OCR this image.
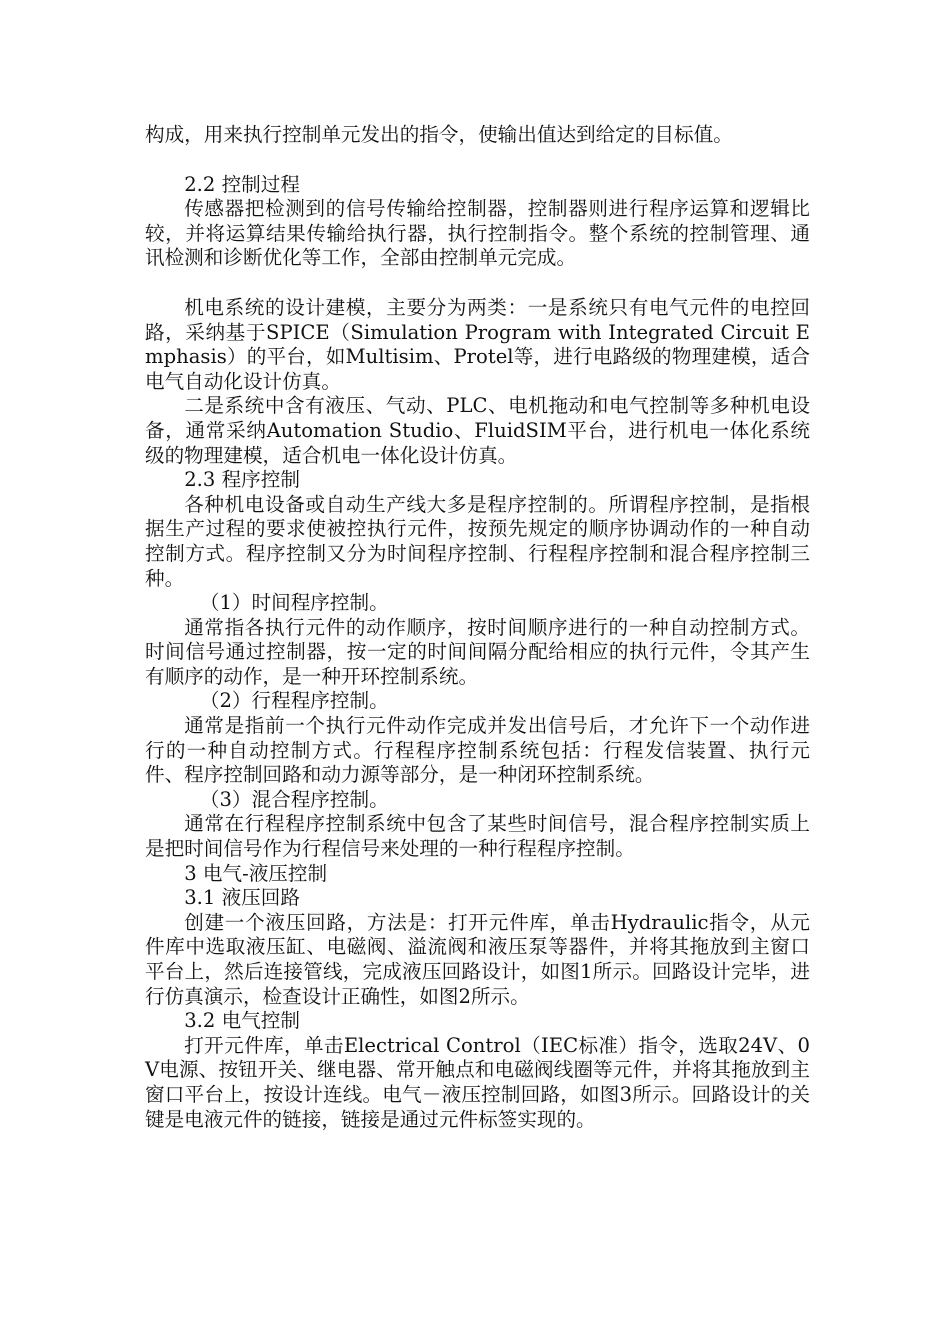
构成，用来执行控制单元发出的指令，使输出值达到给定的目标值。

2.2 控制过程

传感器把检测到的信号传输给控制器，控制器则进行程序运算和逻辑比较，并将运算结果传输给执行器，执行控制指令。整个系统的控制管理、通讯检测和诊断优化等工作，全部由控制单元完成。

机电系统的设计建模，主要分为两类：一是系统只有电气元件的电控回路，采纳基于SPICE（Simulation Program with Integrated Circuit Emphasis）的平台，如Multisim、Protel等，进行电路级的物理建模，适合电气自动化设计仿真。

二是系统中含有液压、气动、PLC、电机拖动和电气控制等多种机电设备，通常采纳Automation Studio、FluidSIM平台，进行机电一体化系统级的物理建模，适合机电一体化设计仿真。

2.3 程序控制

各种机电设备或自动生产线大多是程序控制的。所谓程序控制，是指根据生产过程的要求使被控执行元件，按预先规定的顺序协调动作的一种自动控制方式。程序控制又分为时间程序控制、行程程序控制和混合程序控制三种。

（1）时间程序控制。

通常指各执行元件的动作顺序，按时间顺序进行的一种自动控制方式。时间信号通过控制器，按一定的时间间隔分配给相应的执行元件，令其产生有顺序的动作，是一种开环控制系统。

（2）行程程序控制。

通常是指前一个执行元件动作完成并发出信号后，才允许下一个动作进行的一种自动控制方式。行程程序控制系统包括：行程发信装置、执行元件、程序控制回路和动力源等部分，是一种闭环控制系统。

（3）混合程序控制。

通常在行程程序控制系统中包含了某些时间信号，混合程序控制实质上是把时间信号作为行程信号来处理的一种行程程序控制。

3 电气-液压控制

3.1 液压回路

创建一个液压回路，方法是：打开元件库，单击Hydraulic指令，从元件库中选取液压缸、电磁阀、溢流阀和液压泵等器件，并将其拖放到主窗口平台上，然后连接管线，完成液压回路设计，如图1所示。回路设计完毕，进行仿真演示，检查设计正确性，如图2所示。

3.2 电气控制

打开元件库，单击Electrical Control（IEC标准）指令，选取24V、0V电源、按钮开关、继电器、常开触点和电磁阀线圈等元件，并将其拖放到主窗口平台上，按设计连线。电气－液压控制回路，如图3所示。回路设计的关键是电液元件的链接，链接是通过元件标签实现的。
